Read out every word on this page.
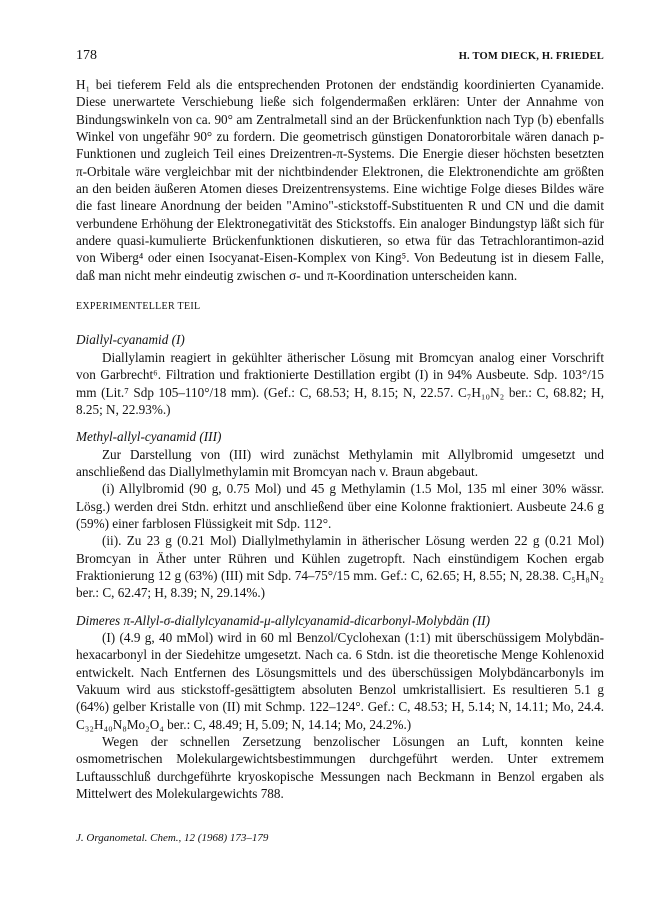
178	H. TOM DIECK, H. FRIEDEL

H₁ bei tieferem Feld als die entsprechenden Protonen der endständig koordinierten Cyanamide. Diese unerwartete Verschiebung ließe sich folgendermaßen erklären: Unter der Annahme von Bindungswinkeln von ca. 90° am Zentralmetall sind an der Brückenfunktion nach Typ (b) ebenfalls Winkel von ungefähr 90° zu fordern. Die geometrisch günstigen Donatororbitale wären danach p-Funktionen und zugleich Teil eines Dreizentren-π-Systems. Die Energie dieser höchsten besetzten π-Orbitale wäre vergleichbar mit der nichtbindender Elektronen, die Elektronendichte am größten an den beiden äußeren Atomen dieses Dreizentrensystems. Eine wichtige Folge dieses Bildes wäre die fast lineare Anordnung der beiden "Amino"-stickstoff-Substituenten R und CN und die damit verbundene Erhöhung der Elektronegativität des Stickstoffs. Ein analoger Bindungstyp läßt sich für andere quasi-kumulierte Brückenfunktionen diskutieren, so etwa für das Tetrachlorantimon-azid von Wiberg⁴ oder einen Isocyanat-Eisen-Komplex von King⁵. Von Bedeutung ist in diesem Falle, daß man nicht mehr eindeutig zwischen σ- und π-Koordination unterscheiden kann.

EXPERIMENTELLER TEIL

Diallyl-cyanamid (I)

Diallylamin reagiert in gekühlter ätherischer Lösung mit Bromcyan analog einer Vorschrift von Garbrecht⁶. Filtration und fraktionierte Destillation ergibt (I) in 94% Ausbeute. Sdp. 103°/15 mm (Lit.⁷ Sdp 105–110°/18 mm). (Gef.: C, 68.53; H, 8.15; N, 22.57. C₇H₁₀N₂ ber.: C, 68.82; H, 8.25; N, 22.93%.)

Methyl-allyl-cyanamid (III)

Zur Darstellung von (III) wird zunächst Methylamin mit Allylbromid umgesetzt und anschließend das Diallylmethylamin mit Bromcyan nach v. Braun abgebaut.

(i) Allylbromid (90 g, 0.75 Mol) und 45 g Methylamin (1.5 Mol, 135 ml einer 30% wässr. Lösg.) werden drei Stdn. erhitzt und anschließend über eine Kolonne fraktioniert. Ausbeute 24.6 g (59%) einer farblosen Flüssigkeit mit Sdp. 112°.

(ii). Zu 23 g (0.21 Mol) Diallylmethylamin in ätherischer Lösung werden 22 g (0.21 Mol) Bromcyan in Äther unter Rühren und Kühlen zugetropft. Nach einstündigem Kochen ergab Fraktionierung 12 g (63%) (III) mit Sdp. 74–75°/15 mm. Gef.: C, 62.65; H, 8.55; N, 28.38. C₅H₈N₂ ber.: C, 62.47; H, 8.39; N, 29.14%.)

Dimeres π-Allyl-σ-diallylcyanamid-μ-allylcyanamid-dicarbonyl-Molybdän (II)

(I) (4.9 g, 40 mMol) wird in 60 ml Benzol/Cyclohexan (1:1) mit überschüssigem Molybdän-hexacarbonyl in der Siedehitze umgesetzt. Nach ca. 6 Stdn. ist die theoretische Menge Kohlenoxid entwickelt. Nach Entfernen des Lösungsmittels und des überschüssigen Molybdäncarbonyls im Vakuum wird aus stickstoff-gesättigtem absoluten Benzol umkristallisiert. Es resultieren 5.1 g (64%) gelber Kristalle von (II) mit Schmp. 122–124°. Gef.: C, 48.53; H, 5.14; N, 14.11; Mo, 24.4. C₃₂H₄₀N₈Mo₂O₄ ber.: C, 48.49; H, 5.09; N, 14.14; Mo, 24.2%.)

Wegen der schnellen Zersetzung benzolischer Lösungen an Luft, konnten keine osmometrischen Molekulargewichtsbestimmungen durchgeführt werden. Unter extremem Luftausschluß durchgeführte kryoskopische Messungen nach Beckmann in Benzol ergaben als Mittelwert des Molekulargewichts 788.

J. Organometal. Chem., 12 (1968) 173–179
